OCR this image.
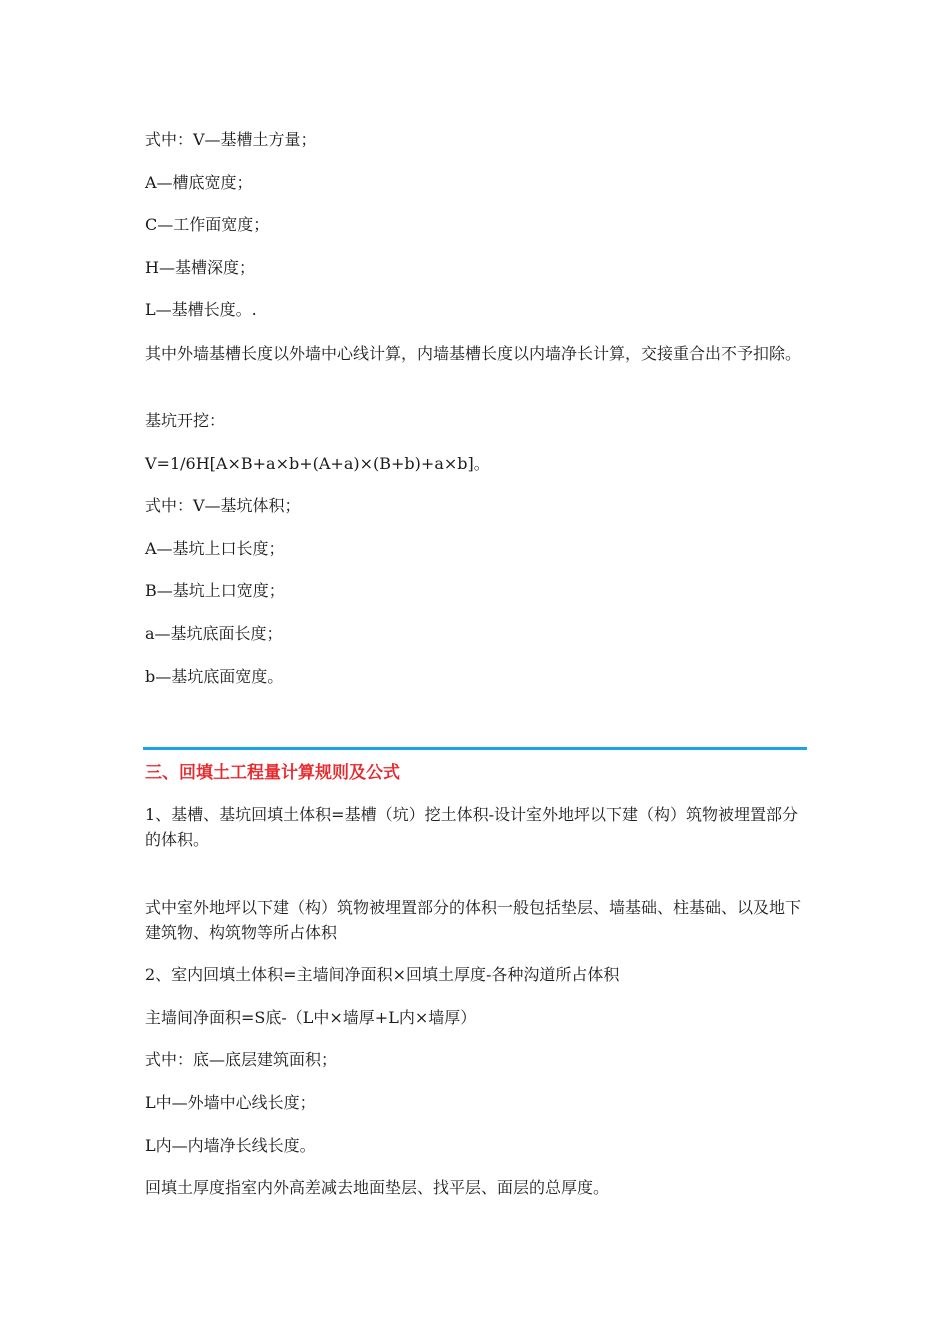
式中：V—基槽土方量；
A—槽底宽度；
C—工作面宽度；
H—基槽深度；
L—基槽长度。.
其中外墙基槽长度以外墙中心线计算，内墙基槽长度以内墙净长计算，交接重合出不予扣除。
基坑开挖：
V=1/6H[A×B+a×b+(A+a)×(B+b)+a×b]。
式中：V—基坑体积；
A—基坑上口长度；
B—基坑上口宽度；
a—基坑底面长度；
b—基坑底面宽度。
三、回填土工程量计算规则及公式
1、基槽、基坑回填土体积=基槽（坑）挖土体积-设计室外地坪以下建（构）筑物被埋置部分的体积。
式中室外地坪以下建（构）筑物被埋置部分的体积一般包括垫层、墙基础、柱基础、以及地下建筑物、构筑物等所占体积
2、室内回填土体积=主墙间净面积×回填土厚度-各种沟道所占体积
主墙间净面积=S底-（L中×墙厚+L内×墙厚）
式中：底—底层建筑面积；
L中—外墙中心线长度；
L内—内墙净长线长度。
回填土厚度指室内外高差减去地面垫层、找平层、面层的总厚度。
